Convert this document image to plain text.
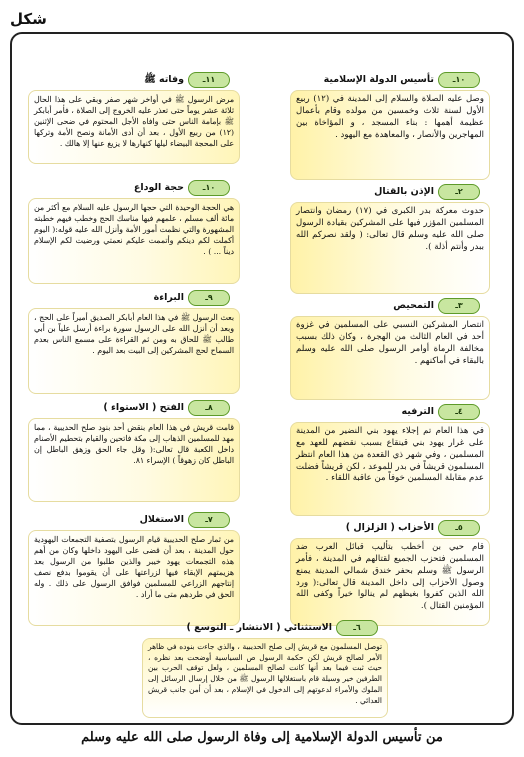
شكل
١٠ـ
تأسيس الدولة الإسلامية
وصل عليه الصلاة والسلام إلى المدينة في (١٢) ربيع الأول لسنة ثلاث وخمسين من مولده وقام بأعمال عظيمة أهمها : بناء المسجد ، و المؤاخاة بين المهاجرين والأنصار ، والمعاهدة مع اليهود .
٢ـ
الإذن بالقتال
حدوث معركة بدر الكبرى في (١٧) رمضان وانتصار المسلمين المؤزر فيها على المشركين بقيادة الرسول صلى الله عليه وسلم قال تعالى: ( ولقد نصركم الله ببدر وأنتم أذلة ).
٣ـ
التمحيص
انتصار المشركين النسبي على المسلمين في غزوة أحد في العام الثالث من الهجرة ، وكان ذلك بسبب مخالفة الرماة أوامر الرسول صلى الله عليه وسلم بالبقاء في أماكنهم .
٤ـ
الترفيه
في هذا العام تم إجلاء يهود بني النضير من المدينة على غرار يهود بني قينقاع بسبب نقضهم للعهد مع المسلمين ، وفي شهر ذي القعدة من هذا العام انتظر المسلمون قريشاً في بدر للموعد ، لكن قريشاً فضلت عدم مقابلة المسلمين خوفاً من عاقبة اللقاء .
٥ـ
الأحزاب ( الزلزال )
قام حيي بن أخطب بتأليب قبائل العرب ضد المسلمين فتحزب الجميع لقتالهم في المدينة ، فأمر الرسول ﷺ وسلم بحفر خندق شمالي المدينة يمنع وصول الأحزاب إلى داخل المدينة قال تعالى:( ورد الله الذين كفروا بغيظهم لم ينالوا خيراً وكفى الله المؤمنين القتال ).
١١ـ
وفاته ﷺ
مرض الرسول ﷺ في أواخر شهر صفر وبقي على هذا الحال ثلاثة عشر يوماً حتى تعذر عليه الخروج إلى الصلاة ، فأمر أبابكر ﷺ بإمامة الناس حتى وافاه الأجل المحتوم في ضحى الإثنين (١٢) من ربيع الأول ، بعد أن أدى الأمانة ونصح الأمة وتركها على المحجة البيضاء ليلها كنهارها لا يزيغ عنها إلا هالك .
١٠ـ
حجة الوداع
هي الحجة الوحيدة التي حجها الرسول عليه السلام مع أكثر من مائة ألف مسلم ، علمهم فيها مناسك الحج وخطب فيهم خطبته المشهورة والتي نظمت أمور الأمة وأنزل الله عليه قوله:( اليوم أكملت لكم دينكم وأتممت عليكم نعمتي ورضيت لكم الإسلام ديناً ... ) .
٩ـ
البراءة
بعث الرسول ﷺ في هذا العام أبابكر الصديق أميراً على الحج ، وبعد أن أنزل الله على الرسول سورة براءة أرسل علياً بن أبي طالب ﷺ للحاق به ومن ثم القراءة على مسمع الناس بعدم السماح لحج المشركين إلى البيت بعد اليوم .
٨ـ
الفتح ( الاستواء )
قامت قريش في هذا العام بنقض أحد بنود صلح الحديبية ، مما مهد للمسلمين الذهاب إلى مكة فاتحين والقيام بتحطيم الأصنام داخل الكعبة قال تعالى:( وقل جاء الحق وزهق الباطل إن الباطل كان زهوقاً ) الإسراء ٨١.
٧ـ
الاستغلال
من ثمار صلح الحديبية قيام الرسول بتصفية التجمعات اليهودية حول المدينة ، بعد أن قضى على اليهود داخلها وكان من أهم هذه التجمعات يهود خيبر والذين طلبوا من الرسول بعد هزيمتهم الإبقاء فيها لزراعتها على أن يقوموا بدفع نصف إنتاجهم الزراعي للمسلمين فوافق الرسول على ذلك . وله الحق في طردهم متى ما أراد .
٦ـ
الاستثنائي ( الانتشار ـ التوسع )
توصل المسلمون مع قريش إلى صلح الحديبية ، والذي جاءت بنوده في ظاهر الأمر لصالح قريش لكن حكمة الرسول ص السياسية أوضحت بعد نظره ، حيث ثبت فيما بعد أنها كانت لصالح المسلمين ، ولعل توقف الحرب بين الطرفين خير وسيلة قام باستغلالها الرسول ﷺ من خلال إرسال الرسائل إلى الملوك والأمراء لدعوتهم إلى الدخول في الإسلام ، بعد أن أمن جانب قريش العدائي .
من تأسيس الدولة الإسلامية إلى وفاة الرسول صلى الله عليه وسلم
